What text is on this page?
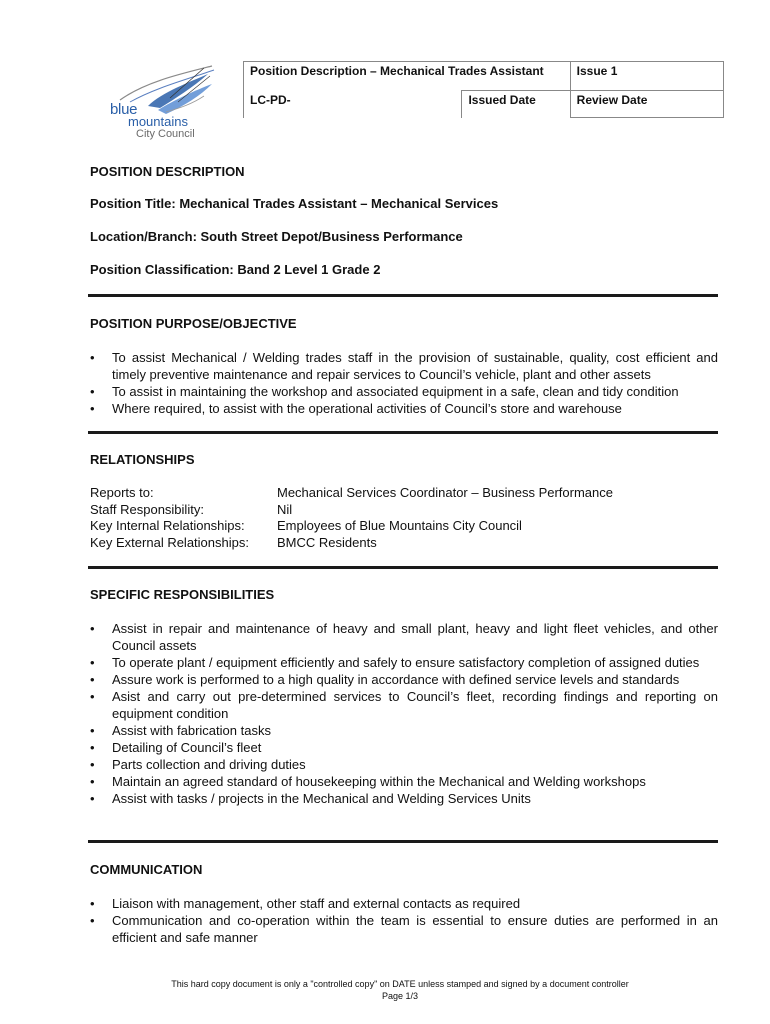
blue
mountains
City Council
Position Description – Mechanical Trades Assistant		Issue 1
LC-PD-	Issued Date	Review Date
POSITION DESCRIPTION
Position Title: Mechanical Trades Assistant – Mechanical Services
Location/Branch: South Street Depot/Business Performance
Position Classification: Band 2 Level 1 Grade 2
POSITION PURPOSE/OBJECTIVE
• To assist Mechanical / Welding trades staff in the provision of sustainable, quality, cost efficient and timely preventive maintenance and repair services to Council’s vehicle, plant and other assets
• To assist in maintaining the workshop and associated equipment in a safe, clean and tidy condition
• Where required, to assist with the operational activities of Council’s store and warehouse
RELATIONSHIPS
Reports to:	Mechanical Services Coordinator – Business Performance
Staff Responsibility:	Nil
Key Internal Relationships:	Employees of Blue Mountains City Council
Key External Relationships:	BMCC Residents
SPECIFIC RESPONSIBILITIES
• Assist in repair and maintenance of heavy and small plant, heavy and light fleet vehicles, and other Council assets
• To operate plant / equipment efficiently and safely to ensure satisfactory completion of assigned duties
• Assure work is performed to a high quality in accordance with defined service levels and standards
• Asist and carry out pre-determined services to Council’s fleet, recording findings and reporting on equipment condition
• Assist with fabrication tasks
• Detailing of Council’s fleet
• Parts collection and driving duties
• Maintain an agreed standard of housekeeping within the Mechanical and Welding workshops
• Assist with tasks / projects in the Mechanical and Welding Services Units
COMMUNICATION
• Liaison with management, other staff and external contacts as required
• Communication and co-operation within the team is essential to ensure duties are performed in an efficient and safe manner
This hard copy document is only a "controlled copy" on DATE unless stamped and signed by a document controller
Page 1/3
